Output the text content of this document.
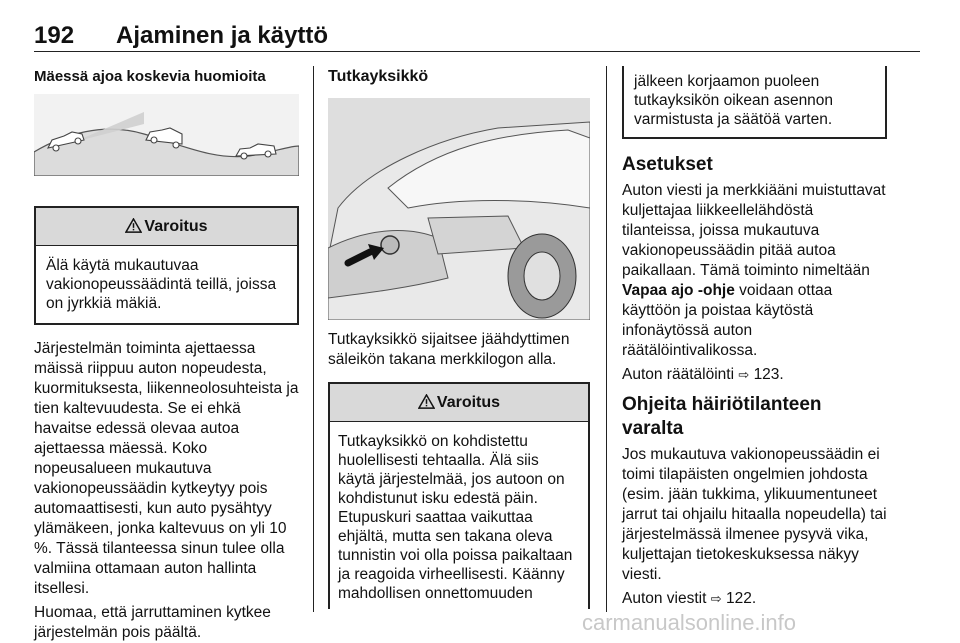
192 Ajaminen ja käyttö
Mäessä ajoa koskevia huomioita
Varoitus
Älä käytä mukautuvaa vakionopeussäädintä teillä, joissa on jyrkkiä mäkiä.

Järjestelmän toiminta ajettaessa mäissä riippuu auton nopeudesta, kuormituksesta, liikenneolosuhteista ja tien kaltevuudesta. Se ei ehkä havaitse edessä olevaa autoa ajettaessa mäessä. Koko nopeusalueen mukautuva vakionopeussäädin kytkeytyy pois automaattisesti, kun auto pysähtyy ylämäkeen, jonka kaltevuus on yli 10 %. Tässä tilanteessa sinun tulee olla valmiina ottamaan auton hallinta itsellesi.

Huomaa, että jarruttaminen kytkee järjestelmän pois päältä.

Tutkayksikkö

Tutkayksikkö sijaitsee jäähdyttimen säleikön takana merkkilogon alla.

Varoitus
Tutkayksikkö on kohdistettu huolellisesti tehtaalla. Älä siis käytä järjestelmää, jos autoon on kohdistunut isku edestä päin. Etupuskuri saattaa vaikuttaa ehjältä, mutta sen takana oleva tunnistin voi olla poissa paikaltaan ja reagoida virheellisesti. Käänny mahdollisen onnettomuuden
jälkeen korjaamon puoleen tutkayksikön oikean asennon varmistusta ja säätöä varten.
Asetukset

Auton viesti ja merkkiääni muistuttavat kuljettajaa liikkeellelähdöstä tilanteissa, joissa mukautuva vakionopeussäädin pitää autoa paikallaan. Tämä toiminto nimeltään Vapaa ajo -ohje voidaan ottaa käyttöön ja poistaa käytöstä infonäytössä auton räätälöintivalikossa.

Auton räätälöinti ⇨ 123.

Ohjeita häiriötilanteen varalta

Jos mukautuva vakionopeussäädin ei toimi tilapäisten ongelmien johdosta (esim. jään tukkima, ylikuumentuneet jarrut tai ohjailu hitaalla nopeudella) tai järjestelmässä ilmenee pysyvä vika, kuljettajan tietokeskuksessa näkyy viesti.

Auton viestit ⇨ 122.

carmanualsonline.info
